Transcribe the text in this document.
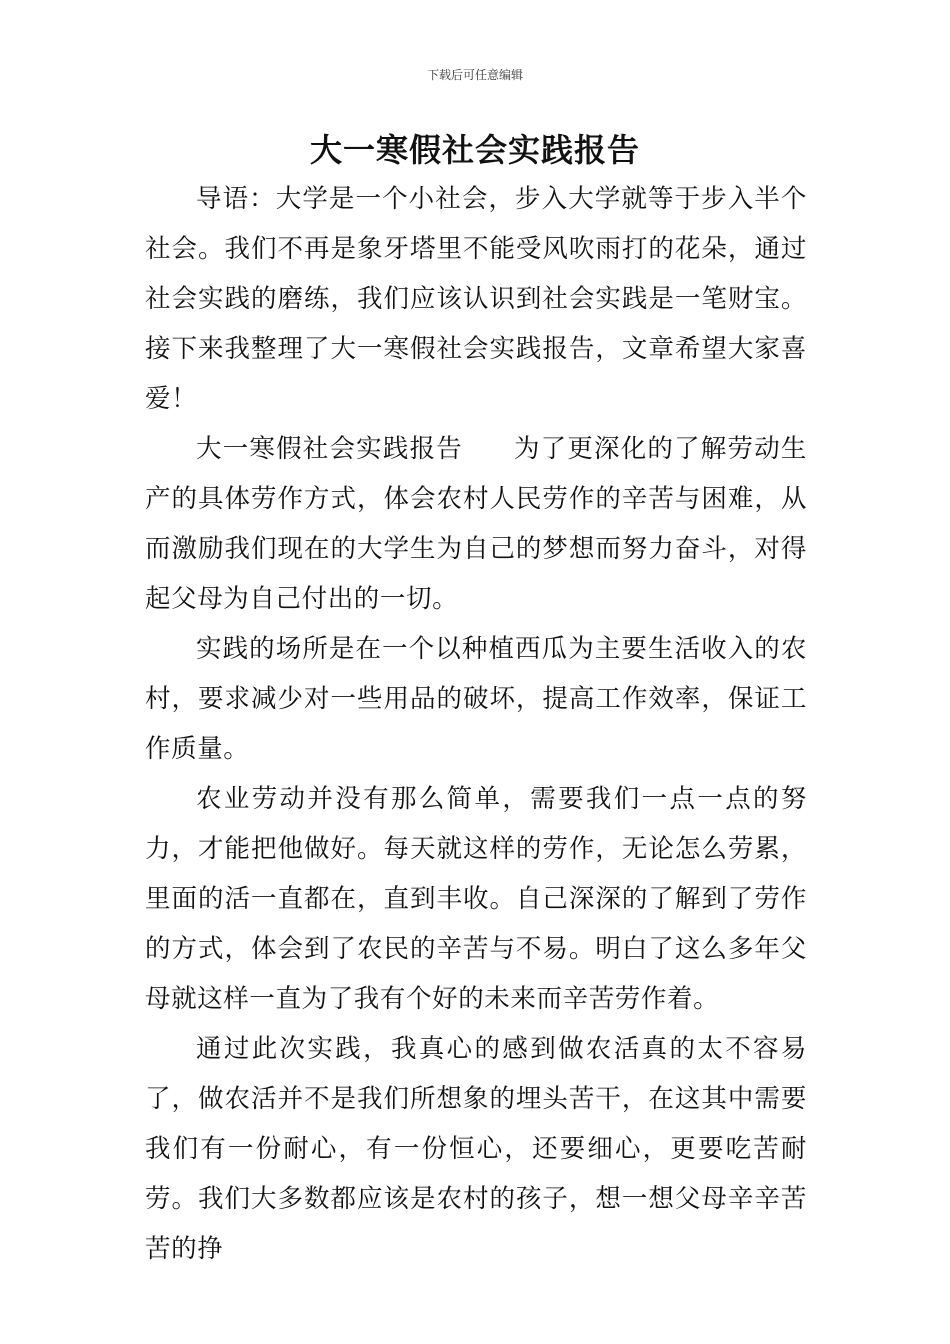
下载后可任意编辑
大一寒假社会实践报告

导语：大学是一个小社会，步入大学就等于步入半个社会。我们不再是象牙塔里不能受风吹雨打的花朵，通过社会实践的磨练，我们应该认识到社会实践是一笔财宝。接下来我整理了大一寒假社会实践报告，文章希望大家喜爱！

大一寒假社会实践报告 为了更深化的了解劳动生产的具体劳作方式，体会农村人民劳作的辛苦与困难，从而激励我们现在的大学生为自己的梦想而努力奋斗，对得起父母为自己付出的一切。

实践的场所是在一个以种植西瓜为主要生活收入的农村，要求减少对一些用品的破坏，提高工作效率，保证工作质量。

农业劳动并没有那么简单，需要我们一点一点的努力，才能把他做好。每天就这样的劳作，无论怎么劳累，里面的活一直都在，直到丰收。自己深深的了解到了劳作的方式，体会到了农民的辛苦与不易。明白了这么多年父母就这样一直为了我有个好的未来而辛苦劳作着。

通过此次实践，我真心的感到做农活真的太不容易了，做农活并不是我们所想象的埋头苦干，在这其中需要我们有一份耐心，有一份恒心，还要细心，更要吃苦耐劳。我们大多数都应该是农村的孩子，想一想父母辛辛苦苦的挣
